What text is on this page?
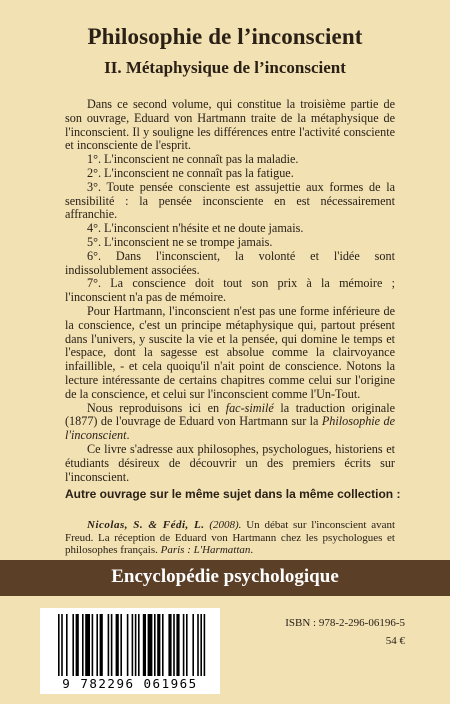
Philosophie de l’inconscient
II. Métaphysique de l’inconscient

Dans ce second volume, qui constitue la troisième partie de son ouvrage, Eduard von Hartmann traite de la métaphysique de l'inconscient. Il y souligne les différences entre l'activité consciente et inconsciente de l'esprit.

1°. L'inconscient ne connaît pas la maladie.

2°. L'inconscient ne connaît pas la fatigue.

3°. Toute pensée consciente est assujettie aux formes de la sensibilité : la pensée inconsciente en est nécessairement affranchie.

4°. L'inconscient n'hésite et ne doute jamais.

5°. L'inconscient ne se trompe jamais.

6°. Dans l'inconscient, la volonté et l'idée sont indissolublement associées.

7°. La conscience doit tout son prix à la mémoire ; l'inconscient n'a pas de mémoire.

Pour Hartmann, l'inconscient n'est pas une forme inférieure de la conscience, c'est un principe métaphysique qui, partout présent dans l'univers, y suscite la vie et la pensée, qui domine le temps et l'espace, dont la sagesse est absolue comme la clairvoyance infaillible, - et cela quoiqu'il n'ait point de conscience. Notons la lecture intéressante de certains chapitres comme celui sur l'origine de la conscience, et celui sur l'inconscient comme l'Un-Tout.

Nous reproduisons ici en fac-similé la traduction originale (1877) de l'ouvrage de Eduard von Hartmann sur la Philosophie de l'inconscient.

Ce livre s'adresse aux philosophes, psychologues, historiens et étudiants désireux de découvrir un des premiers écrits sur l'inconscient.

Autre ouvrage sur le même sujet dans la même collection :
Nicolas, S. & Fédi, L. (2008). Un débat sur l'inconscient avant Freud. La réception de Eduard von Hartmann chez les psychologues et philosophes français. Paris : L'Harmattan.
Encyclopédie psychologique
9 782296 061965
ISBN : 978-2-296-06196-5
54 €
